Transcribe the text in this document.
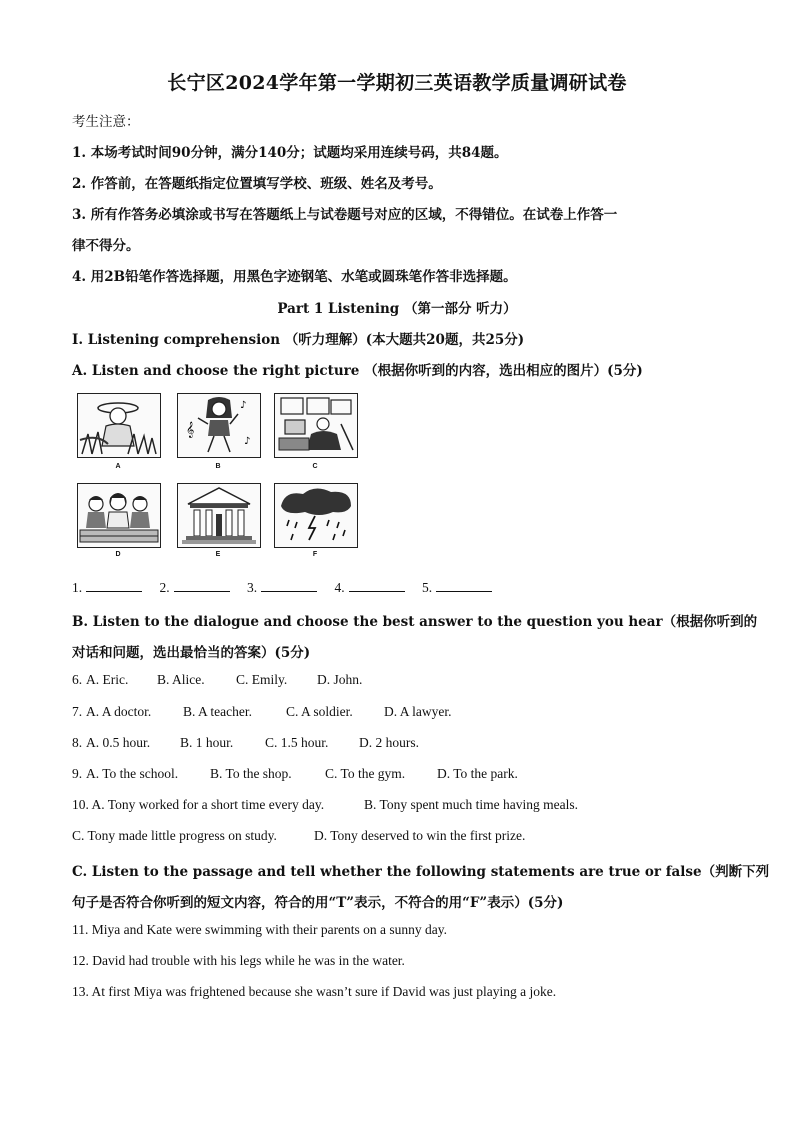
长宁区2024学年第一学期初三英语教学质量调研试卷
考生注意：
1. 本场考试时间90分钟，满分140分；试题均采用连续号码，共84题。
2. 作答前，在答题纸指定位置填写学校、班级、姓名及考号。
3. 所有作答务必填涂或书写在答题纸上与试卷题号对应的区域，不得错位。在试卷上作答一
律不得分。
4. 用2B铅笔作答选择题，用黑色字迹钢笔、水笔或圆珠笔作答非选择题。
Part 1 Listening （第一部分 听力）
I. Listening comprehension （听力理解）(本大题共20题，共25分)
A. Listen and choose the right picture （根据你听到的内容，选出相应的图片）(5分)
A
𝄞
♪
♪
B	C
D	E	F
1.	2.	3.	4.	5.
B. Listen to the dialogue and choose the best answer to the question you hear（根据你听到的
对话和问题，选出最恰当的答案）(5分)
6. A. Eric. B. Alice. C. Emily. D. John.
7. A. A doctor. B. A teacher.	C. A soldier. D. A lawyer.
8. A. 0.5 hour. B. 1 hour. C. 1.5 hour. D. 2 hours.
9. A. To the school. B. To the shop. C. To the gym. D. To the park.
10. A. Tony worked for a short time every day.	B. Tony spent much time having meals.
C. Tony made little progress on study.	D. Tony deserved to win the first prize.
C. Listen to the passage and tell whether the following statements are true or false（判断下列
句子是否符合你听到的短文内容，符合的用“T”表示，不符合的用“F”表示）(5分)
11. Miya and Kate were swimming with their parents on a sunny day.
12. David had trouble with his legs while he was in the water.
13. At first Miya was frightened because she wasn’t sure if David was just playing a joke.
